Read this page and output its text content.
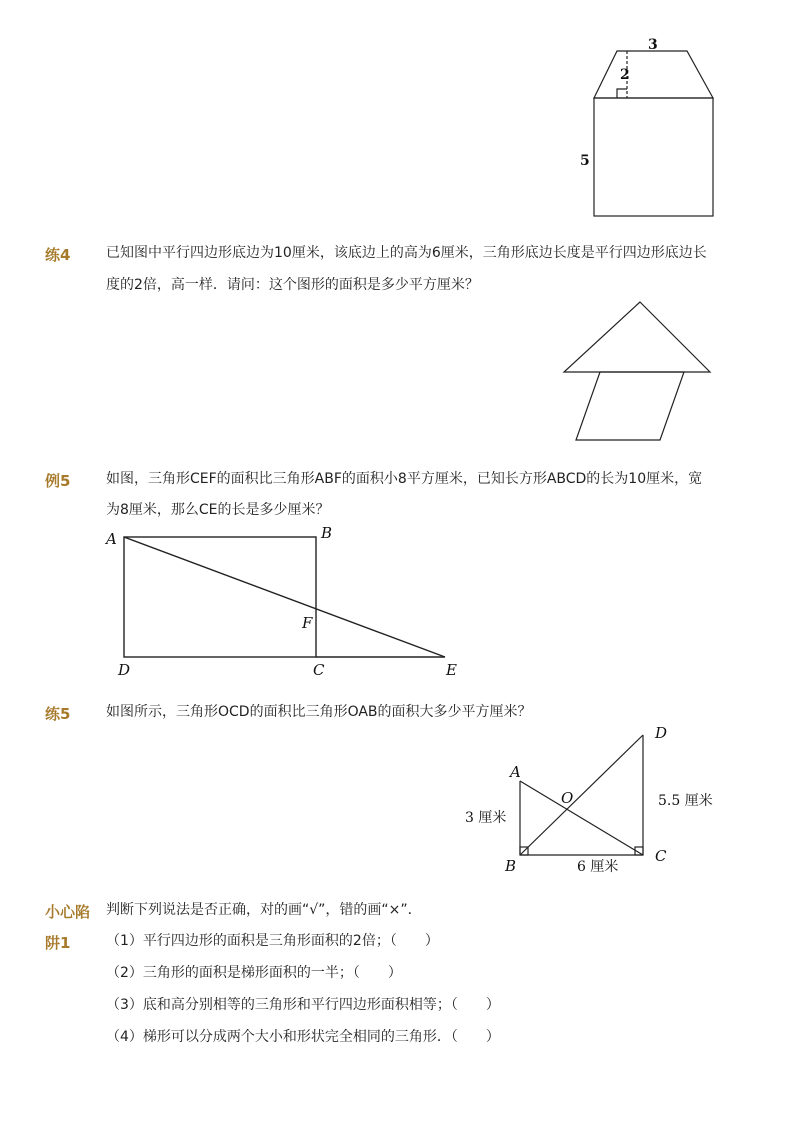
3
2
5
练4	已知图中平行四边形底边为10厘米，该底边上的高为6厘米，三角形底边长度是平行四边形底边长
度的2倍，高一样．请问：这个图形的面积是多少平方厘米？
例5	如图，三角形CEF的面积比三角形ABF的面积小8平方厘米，已知长方形ABCD的长为10厘米，宽
为8厘米，那么CE的长是多少厘米？
A	B
F
D	C	E
练5	如图所示，三角形OCD的面积比三角形OAB的面积大多少平方厘米？
A
O
D
B
C
3 厘米
5.5 厘米
6 厘米
小心陷
阱1
判断下列说法是否正确，对的画“√”，错的画“×”．
（1）平行四边形的面积是三角形面积的2倍；（　　）
（2）三角形的面积是梯形面积的一半；（　　）
（3）底和高分别相等的三角形和平行四边形面积相等；（　　）
（4）梯形可以分成两个大小和形状完全相同的三角形．（　　）
